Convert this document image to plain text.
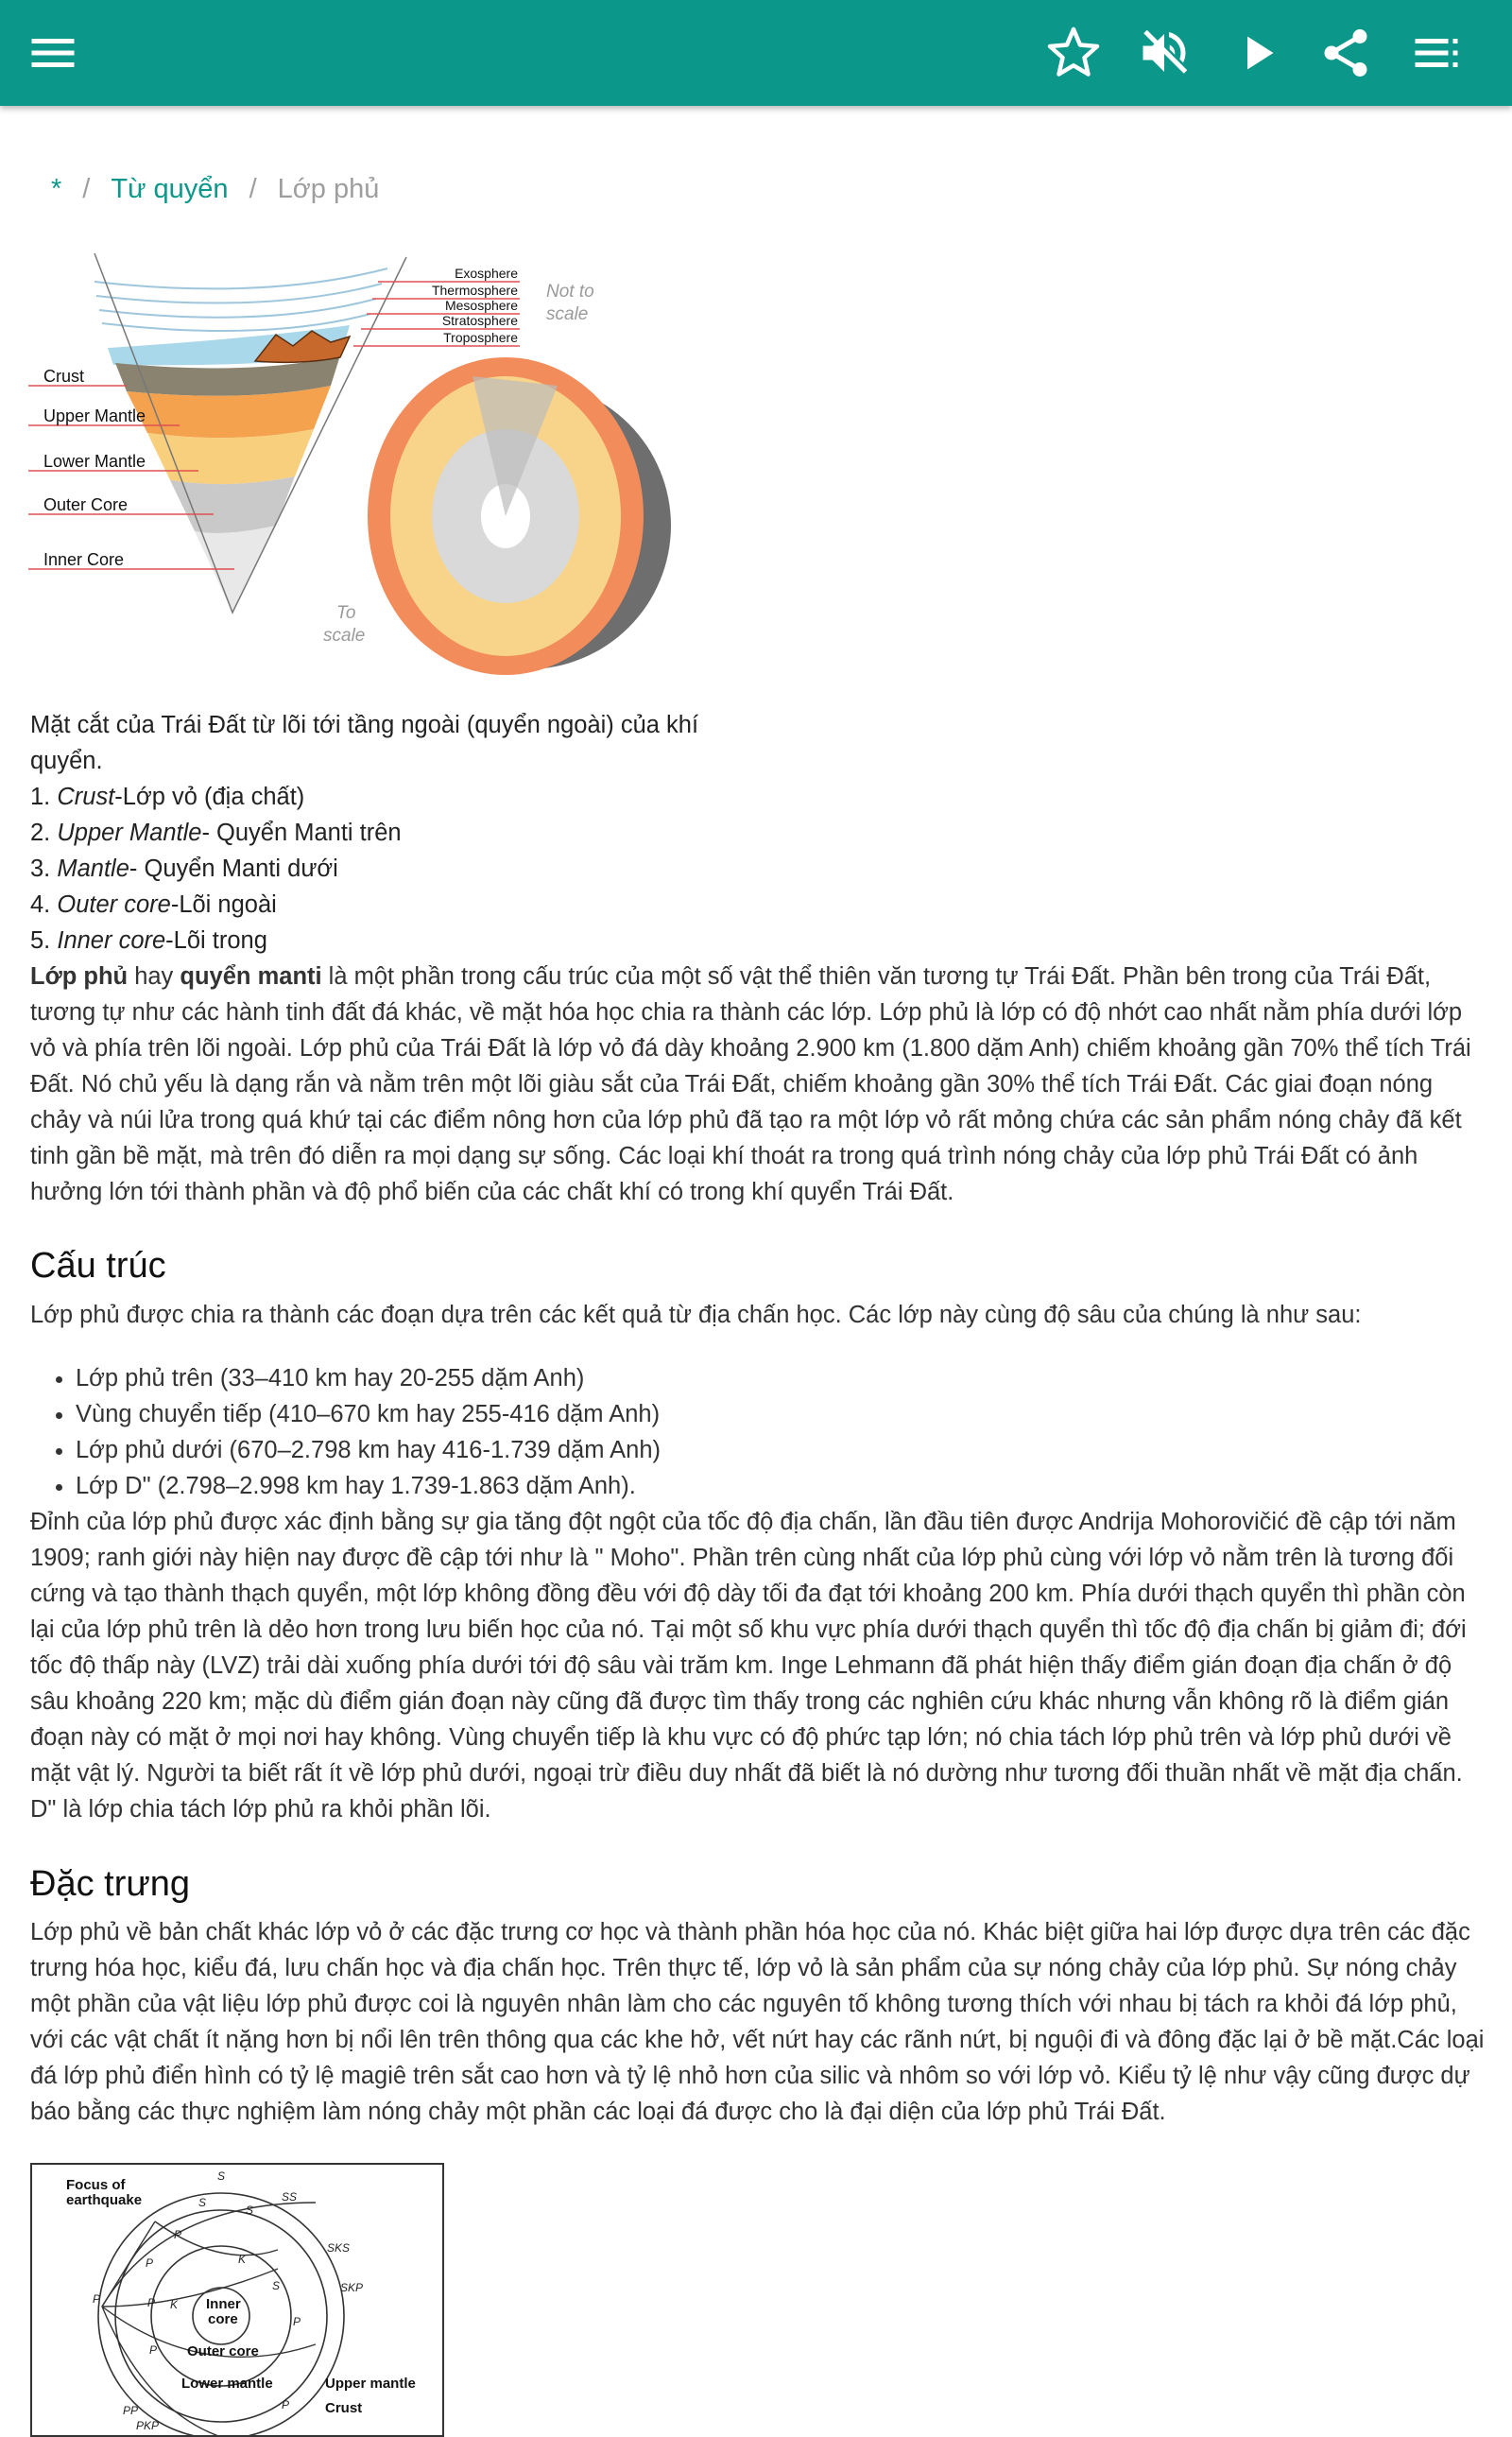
* / Từ quyển / Lớp phủ
Exosphere
Thermosphere
Mesosphere
Stratosphere
Troposphere
Crust
Upper Mantle
Lower Mantle
Outer Core
Inner Core
Not to
scale
To
scale

Mặt cắt của Trái Đất từ lõi tới tầng ngoài (quyển ngoài) của khí quyển.

1. Crust-Lớp vỏ (địa chất)

2. Upper Mantle- Quyển Manti trên

3. Mantle- Quyển Manti dưới

4. Outer core-Lõi ngoài

5. Inner core-Lõi trong

Lớp phủ hay quyển manti là một phần trong cấu trúc của một số vật thể thiên văn tương tự Trái Đất. Phần bên trong của Trái Đất, tương tự như các hành tinh đất đá khác, về mặt hóa học chia ra thành các lớp. Lớp phủ là lớp có độ nhớt cao nhất nằm phía dưới lớp vỏ và phía trên lõi ngoài. Lớp phủ của Trái Đất là lớp vỏ đá dày khoảng 2.900 km (1.800 dặm Anh) chiếm khoảng gần 70% thể tích Trái Đất. Nó chủ yếu là dạng rắn và nằm trên một lõi giàu sắt của Trái Đất, chiếm khoảng gần 30% thể tích Trái Đất. Các giai đoạn nóng chảy và núi lửa trong quá khứ tại các điểm nông hơn của lớp phủ đã tạo ra một lớp vỏ rất mỏng chứa các sản phẩm nóng chảy đã kết tinh gần bề mặt, mà trên đó diễn ra mọi dạng sự sống. Các loại khí thoát ra trong quá trình nóng chảy của lớp phủ Trái Đất có ảnh hưởng lớn tới thành phần và độ phổ biến của các chất khí có trong khí quyển Trái Đất.

Cấu trúc

Lớp phủ được chia ra thành các đoạn dựa trên các kết quả từ địa chấn học. Các lớp này cùng độ sâu của chúng là như sau:

• Lớp phủ trên (33–410 km hay 20-255 dặm Anh)
• Vùng chuyển tiếp (410–670 km hay 255-416 dặm Anh)
• Lớp phủ dưới (670–2.798 km hay 416-1.739 dặm Anh)
• Lớp D" (2.798–2.998 km hay 1.739-1.863 dặm Anh).

Đỉnh của lớp phủ được xác định bằng sự gia tăng đột ngột của tốc độ địa chấn, lần đầu tiên được Andrija Mohorovičić đề cập tới năm 1909; ranh giới này hiện nay được đề cập tới như là " Moho". Phần trên cùng nhất của lớp phủ cùng với lớp vỏ nằm trên là tương đối cứng và tạo thành thạch quyển, một lớp không đồng đều với độ dày tối đa đạt tới khoảng 200 km. Phía dưới thạch quyển thì phần còn lại của lớp phủ trên là dẻo hơn trong lưu biến học của nó. Tại một số khu vực phía dưới thạch quyển thì tốc độ địa chấn bị giảm đi; đới tốc độ thấp này (LVZ) trải dài xuống phía dưới tới độ sâu vài trăm km. Inge Lehmann đã phát hiện thấy điểm gián đoạn địa chấn ở độ sâu khoảng 220 km; mặc dù điểm gián đoạn này cũng đã được tìm thấy trong các nghiên cứu khác nhưng vẫn không rõ là điểm gián đoạn này có mặt ở mọi nơi hay không. Vùng chuyển tiếp là khu vực có độ phức tạp lớn; nó chia tách lớp phủ trên và lớp phủ dưới về mặt vật lý. Người ta biết rất ít về lớp phủ dưới, ngoại trừ điều duy nhất đã biết là nó dường như tương đối thuần nhất về mặt địa chấn. D" là lớp chia tách lớp phủ ra khỏi phần lõi.

Đặc trưng

Lớp phủ về bản chất khác lớp vỏ ở các đặc trưng cơ học và thành phần hóa học của nó. Khác biệt giữa hai lớp được dựa trên các đặc trưng hóa học, kiểu đá, lưu chấn học và địa chấn học. Trên thực tế, lớp vỏ là sản phẩm của sự nóng chảy của lớp phủ. Sự nóng chảy một phần của vật liệu lớp phủ được coi là nguyên nhân làm cho các nguyên tố không tương thích với nhau bị tách ra khỏi đá lớp phủ, với các vật chất ít nặng hơn bị nổi lên trên thông qua các khe hở, vết nứt hay các rãnh nứt, bị nguội đi và đông đặc lại ở bề mặt.Các loại đá lớp phủ điển hình có tỷ lệ magiê trên sắt cao hơn và tỷ lệ nhỏ hơn của silic và nhôm so với lớp vỏ. Kiểu tỷ lệ như vậy cũng được dự báo bằng các thực nghiệm làm nóng chảy một phần các loại đá được cho là đại diện của lớp phủ Trái Đất.

Focus of
earthquake
Inner
core
Outer core
Lower mantle	Upper mantle
Crust
S
SS
S
S
P
K
SKS
SKP
P
P	K
P
P
S
P
PKP
PP	P
